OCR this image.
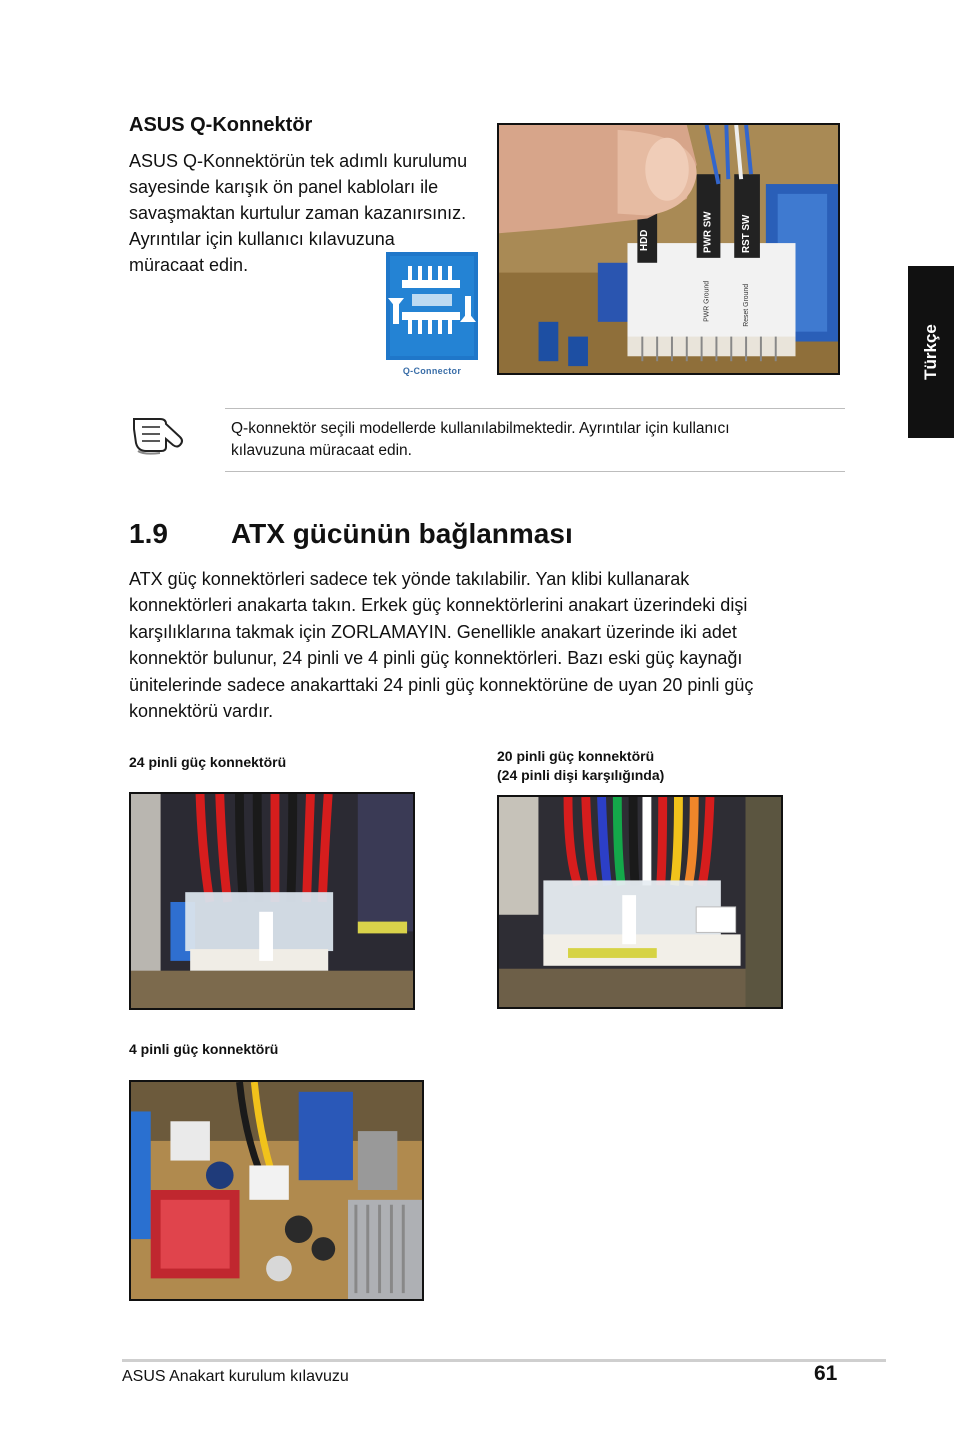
ASUS Q-Konnektör
ASUS Q-Konnektörün tek adımlı kurulumu
sayesinde karışık ön panel kabloları ile
savaşmaktan kurtulur zaman kazanırsınız.
Ayrıntılar için kullanıcı kılavuzuna
müracaat edin.
Q-Connector
HDD	PWR SW	RST SW
PWR Ground	Reset Ground
Q-konnektör seçili modellerde kullanılabilmektedir. Ayrıntılar için kullanıcı
kılavuzuna müracaat edin.
1.9 ATX gücünün bağlanması
ATX güç konnektörleri sadece tek yönde takılabilir. Yan klibi kullanarak
konnektörleri anakarta takın. Erkek güç konnektörlerini anakart üzerindeki dişi
karşılıklarına takmak için ZORLAMAYIN. Genellikle anakart üzerinde iki adet
konnektör bulunur, 24 pinli ve 4 pinli güç konnektörleri. Bazı eski güç kaynağı
ünitelerinde sadece anakarttaki 24 pinli güç konnektörüne de uyan 20 pinli güç
konnektörü vardır.
24 pinli güç konnektörü	20 pinli güç konnektörü
(24 pinli dişi karşılığında)
4 pinli güç konnektörü
Türkçe
ASUS Anakart kurulum kılavuzu	61
